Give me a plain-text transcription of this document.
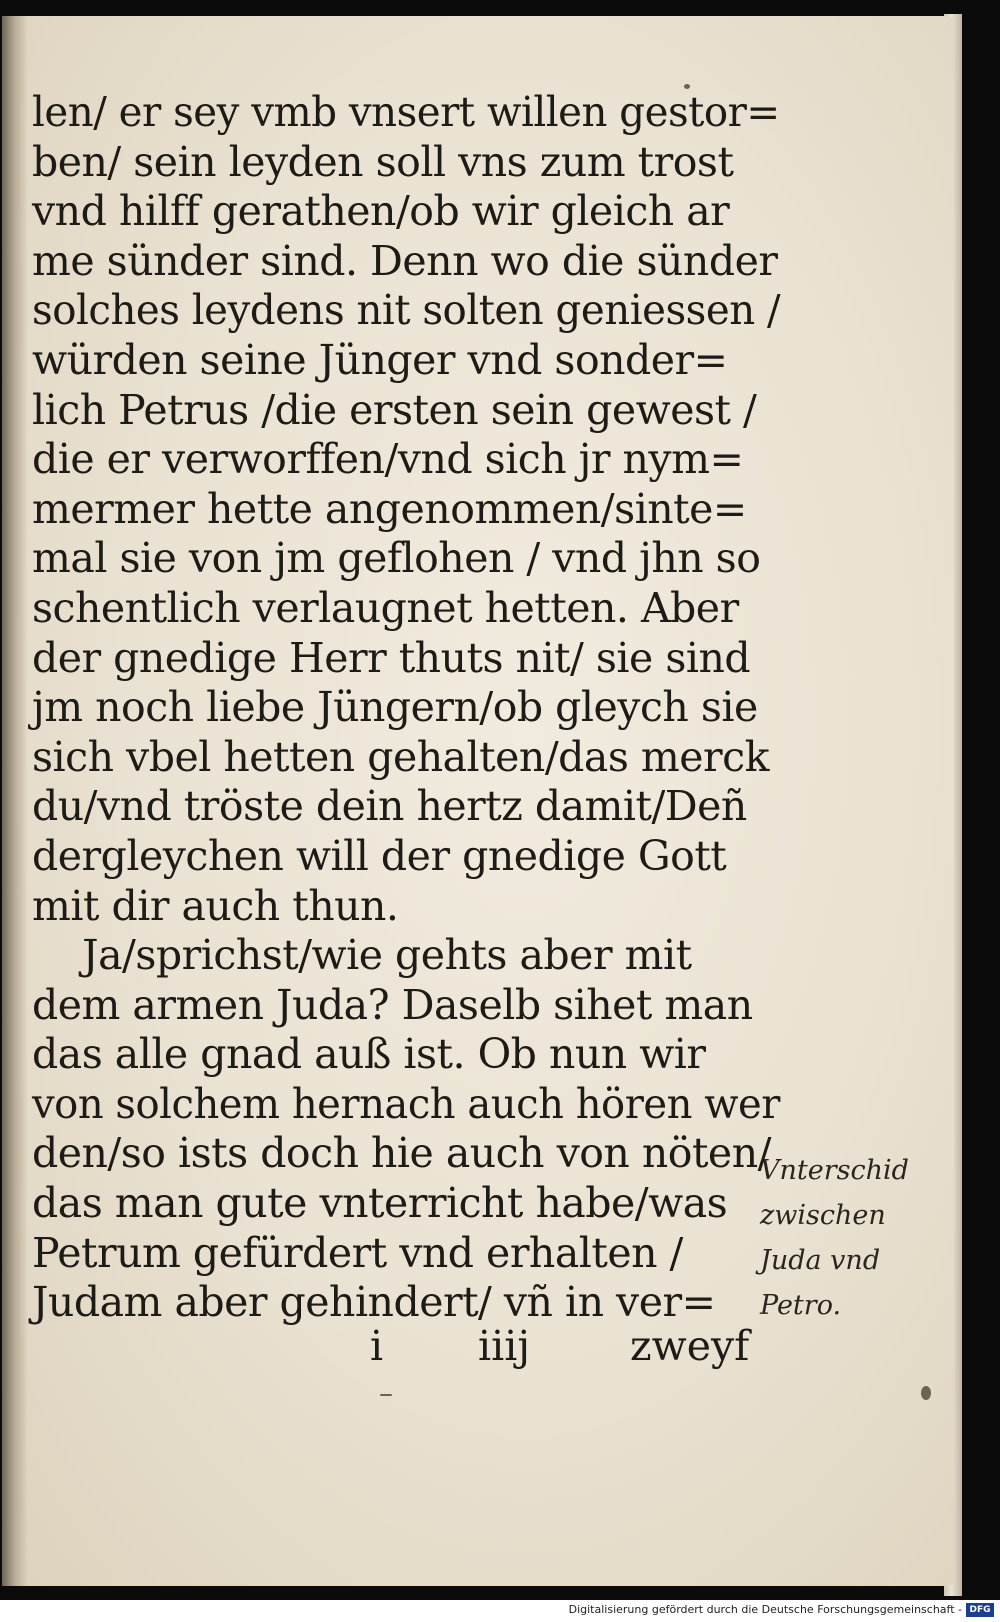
len/ er sey vmb vnsert willen gestor=
ben/ sein leyden soll vns zum trost
vnd hilff gerathen/ob wir gleich ar
me sünder sind. Denn wo die sünder
solches leydens nit solten geniessen /
würden seine Jünger vnd sonder=
lich Petrus /die ersten sein gewest /
die er verworffen/vnd sich jr nym=
mermer hette angenommen/sinte=
mal sie von jm geflohen / vnd jhn so
schentlich verlaugnet hetten. Aber
der gnedige Herr thuts nit/ sie sind
jm noch liebe Jüngern/ob gleych sie
sich vbel hetten gehalten/das merck
du/vnd tröste dein hertz damit/Deñ
dergleychen will der gnedige Gott
mit dir auch thun.
Ja/sprichst/wie gehts aber mit
dem armen Juda? Daselb sihet man
das alle gnad auß ist. Ob nun wir
von solchem hernach auch hören wer
den/so ists doch hie auch von nöten/
das man gute vnterricht habe/was
Petrum gefürdert vnd erhalten /
Judam aber gehindert/ vñ in ver=
i iiij zweyf
Vnterschid
zwischen
Juda vnd
Petro.
Digitalisierung gefördert durch die Deutsche Forschungsgemeinschaft - DFG
